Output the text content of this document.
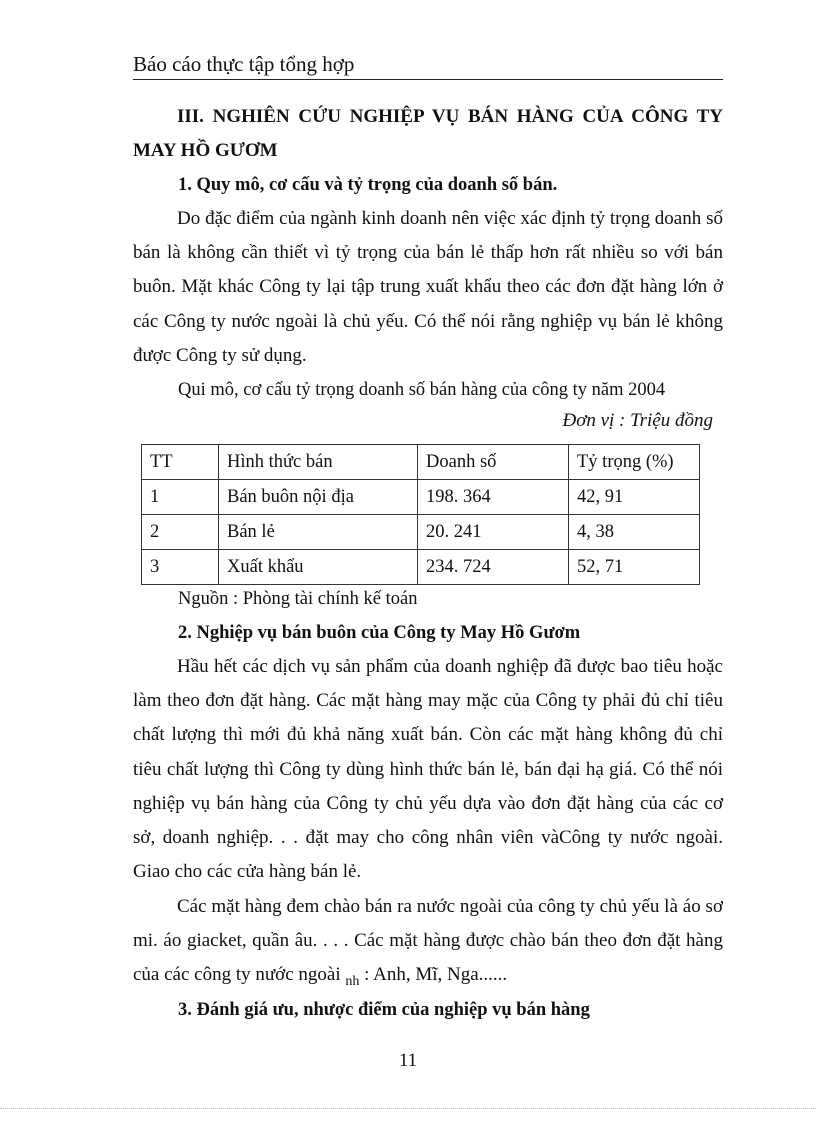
Báo cáo thực tập tổng hợp
III. NGHIÊN CỨU NGHIỆP VỤ BÁN HÀNG CỦA CÔNG TY MAY HỒ GƯƠM
1. Quy mô, cơ cấu và tỷ trọng của doanh số bán.
Do đặc điểm của ngành kinh doanh nên việc xác định tỷ trọng doanh số bán là không cần thiết vì tỷ trọng của bán lẻ thấp hơn rất nhiều so với bán buôn. Mặt khác Công ty lại tập trung xuất khẩu theo các đơn đặt hàng lớn ở các Công ty nước ngoài là chủ yếu. Có thể nói rằng nghiệp vụ bán lẻ không được Công ty sử dụng.
Qui mô, cơ cấu tỷ trọng doanh số bán hàng của công ty năm 2004
Đơn vị : Triệu đồng
TT	Hình thức bán	Doanh số	Tỷ trọng (%)
1	Bán buôn nội địa	198. 364	42, 91
2	Bán lẻ	20. 241	4, 38
3	Xuất khẩu	234. 724	52, 71
Nguồn : Phòng tài chính kế toán
2. Nghiệp vụ bán buôn của Công ty May Hồ Gươm
Hầu hết các dịch vụ sản phẩm của doanh nghiệp đã được bao tiêu hoặc làm theo đơn đặt hàng. Các mặt hàng may mặc của Công ty phải đủ chỉ tiêu chất lượng thì mới đủ khả năng xuất bán. Còn các mặt hàng không đủ chỉ tiêu chất lượng thì Công ty dùng hình thức bán lẻ, bán đại hạ giá. Có thể nói nghiệp vụ bán hàng của Công ty chủ yếu dựa vào đơn đặt hàng của các cơ sở, doanh nghiệp. . . đặt may cho công nhân viên vàCông ty nước ngoài. Giao cho các cửa hàng bán lẻ.
Các mặt hàng đem chào bán ra nước ngoài của công ty chủ yếu là áo sơ mi. áo giacket, quần âu. . . . Các mặt hàng được chào bán theo đơn đặt hàng của các công ty nước ngoài $_{nh}$ : Anh, Mĩ, Nga......
3. Đánh giá ưu, nhược điểm của nghiệp vụ bán hàng
11
